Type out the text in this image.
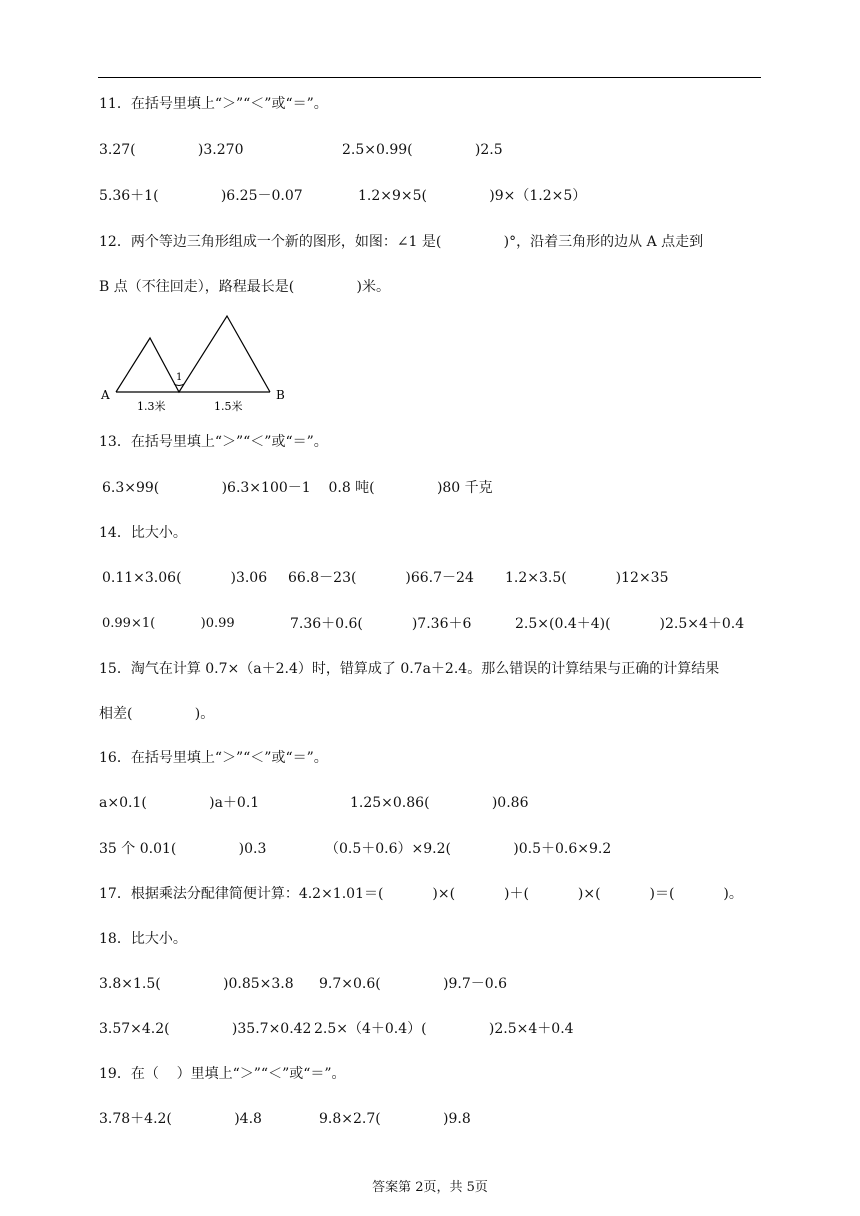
11．在括号里填上“＞”“＜”或“＝”。
3.27(              )3.270	2.5×0.99(              )2.5
5.36＋1(              )6.25－0.07	1.2×9×5(              )9×（1.2×5）
12．两个等边三角形组成一个新的图形，如图：∠1 是(              )°，沿着三角形的边从 A 点走到
B 点（不往回走），路程最长是(              )米。
1
A	B
1.3米	1.5米
13．在括号里填上“＞”“＜”或“＝”。
6.3×99(              )6.3×100－1    0.8 吨(              )80 千克
14．比大小。
0.11×3.06(           )3.06 66.8－23(           )66.7－24 1.2×3.5(           )12×35
0.99×1(           )0.99	7.36＋0.6(           )7.36＋6	2.5×(0.4＋4)(           )2.5×4＋0.4
15．淘气在计算 0.7×（a＋2.4）时，错算成了 0.7a＋2.4。那么错误的计算结果与正确的计算结果
相差(              )。
16．在括号里填上“＞”“＜”或“＝”。
a×0.1(              )a＋0.1	1.25×0.86(              )0.86
35 个 0.01(              )0.3	（0.5＋0.6）×9.2(              )0.5＋0.6×9.2
17．根据乘法分配律简便计算：4.2×1.01＝(           )×(           )＋(           )×(           )＝(           )。
18．比大小。
3.8×1.5(              )0.85×3.8 9.7×0.6(              )9.7－0.6
3.57×4.2(              )35.7×0.42 2.5×（4＋0.4）(              )2.5×4＋0.4
19．在（    ）里填上“＞”“＜”或“＝”。
3.78＋4.2(              )4.8	9.8×2.7(              )9.8
答案第 2页，共 5页
